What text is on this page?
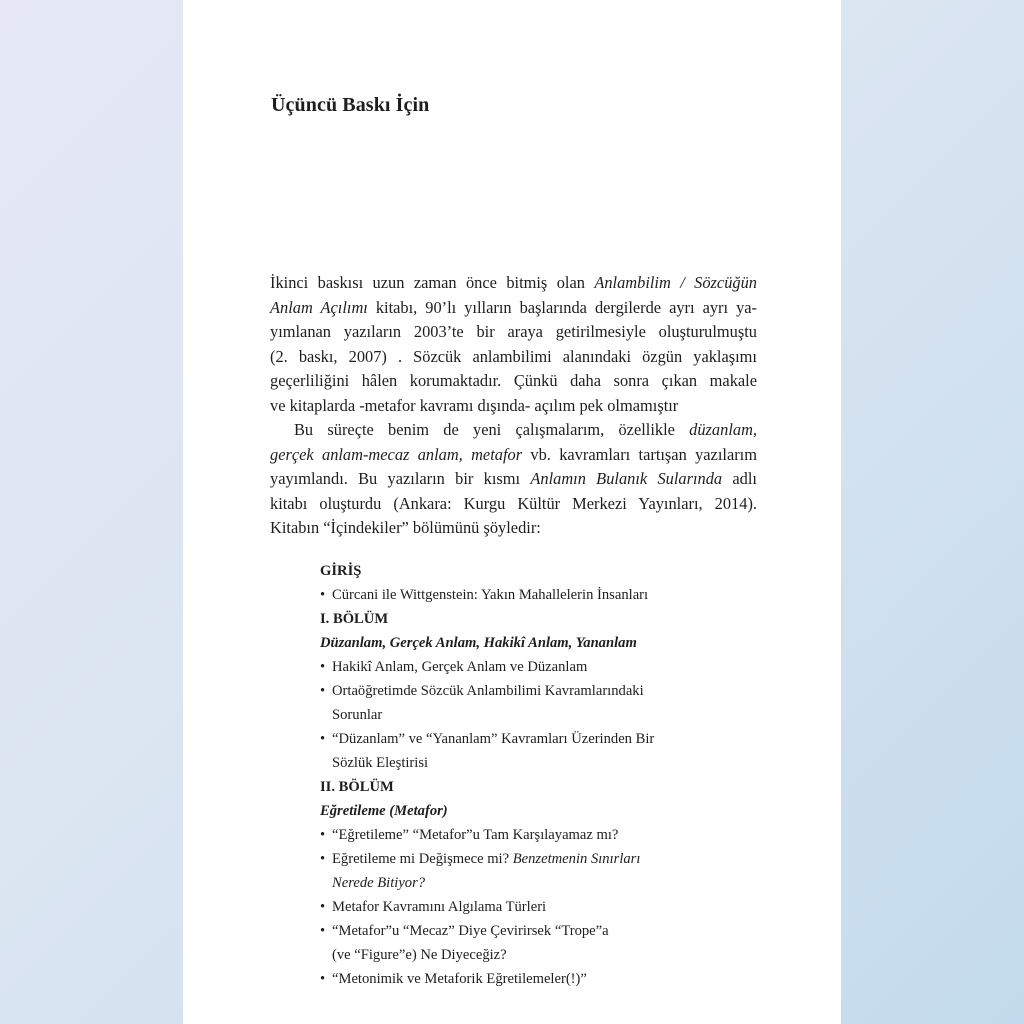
Üçüncü Baskı İçin
İkinci baskısı uzun zaman önce bitmiş olan Anlambilim / Sözcüğün
Anlam Açılımı kitabı, 90’lı yılların başlarında dergilerde ayrı ayrı ya-
yımlanan yazıların 2003’te bir araya getirilmesiyle oluşturulmuştu
(2. baskı, 2007) . Sözcük anlambilimi alanındaki özgün yaklaşımı
geçerliliğini hâlen korumaktadır. Çünkü daha sonra çıkan makale
ve kitaplarda -metafor kavramı dışında- açılım pek olmamıştır
Bu süreçte benim de yeni çalışmalarım, özellikle düzanlam,
gerçek anlam-mecaz anlam, metafor vb. kavramları tartışan yazılarım
yayımlandı. Bu yazıların bir kısmı Anlamın Bulanık Sularında adlı
kitabı oluşturdu (Ankara: Kurgu Kültür Merkezi Yayınları, 2014).
Kitabın “İçindekiler” bölümünü şöyledir:
GİRİŞ
• Cürcani ile Wittgenstein: Yakın Mahallelerin İnsanları
I. BÖLÜM
Düzanlam, Gerçek Anlam, Hakikî Anlam, Yananlam
• Hakikî Anlam, Gerçek Anlam ve Düzanlam
• Ortaöğretimde Sözcük Anlambilimi Kavramlarındaki
Sorunlar
• “Düzanlam” ve “Yananlam” Kavramları Üzerinden Bir
Sözlük Eleştirisi
II. BÖLÜM
Eğretileme (Metafor)
• “Eğretileme” “Metafor”u Tam Karşılayamaz mı?
• Eğretileme mi Değişmece mi? Benzetmenin Sınırları
Nerede Bitiyor?
• Metafor Kavramını Algılama Türleri
• “Metafor”u “Mecaz” Diye Çevirirsek “Trope”a
(ve “Figure”e) Ne Diyeceğiz?
• “Metonimik ve Metaforik Eğretilemeler(!)”
